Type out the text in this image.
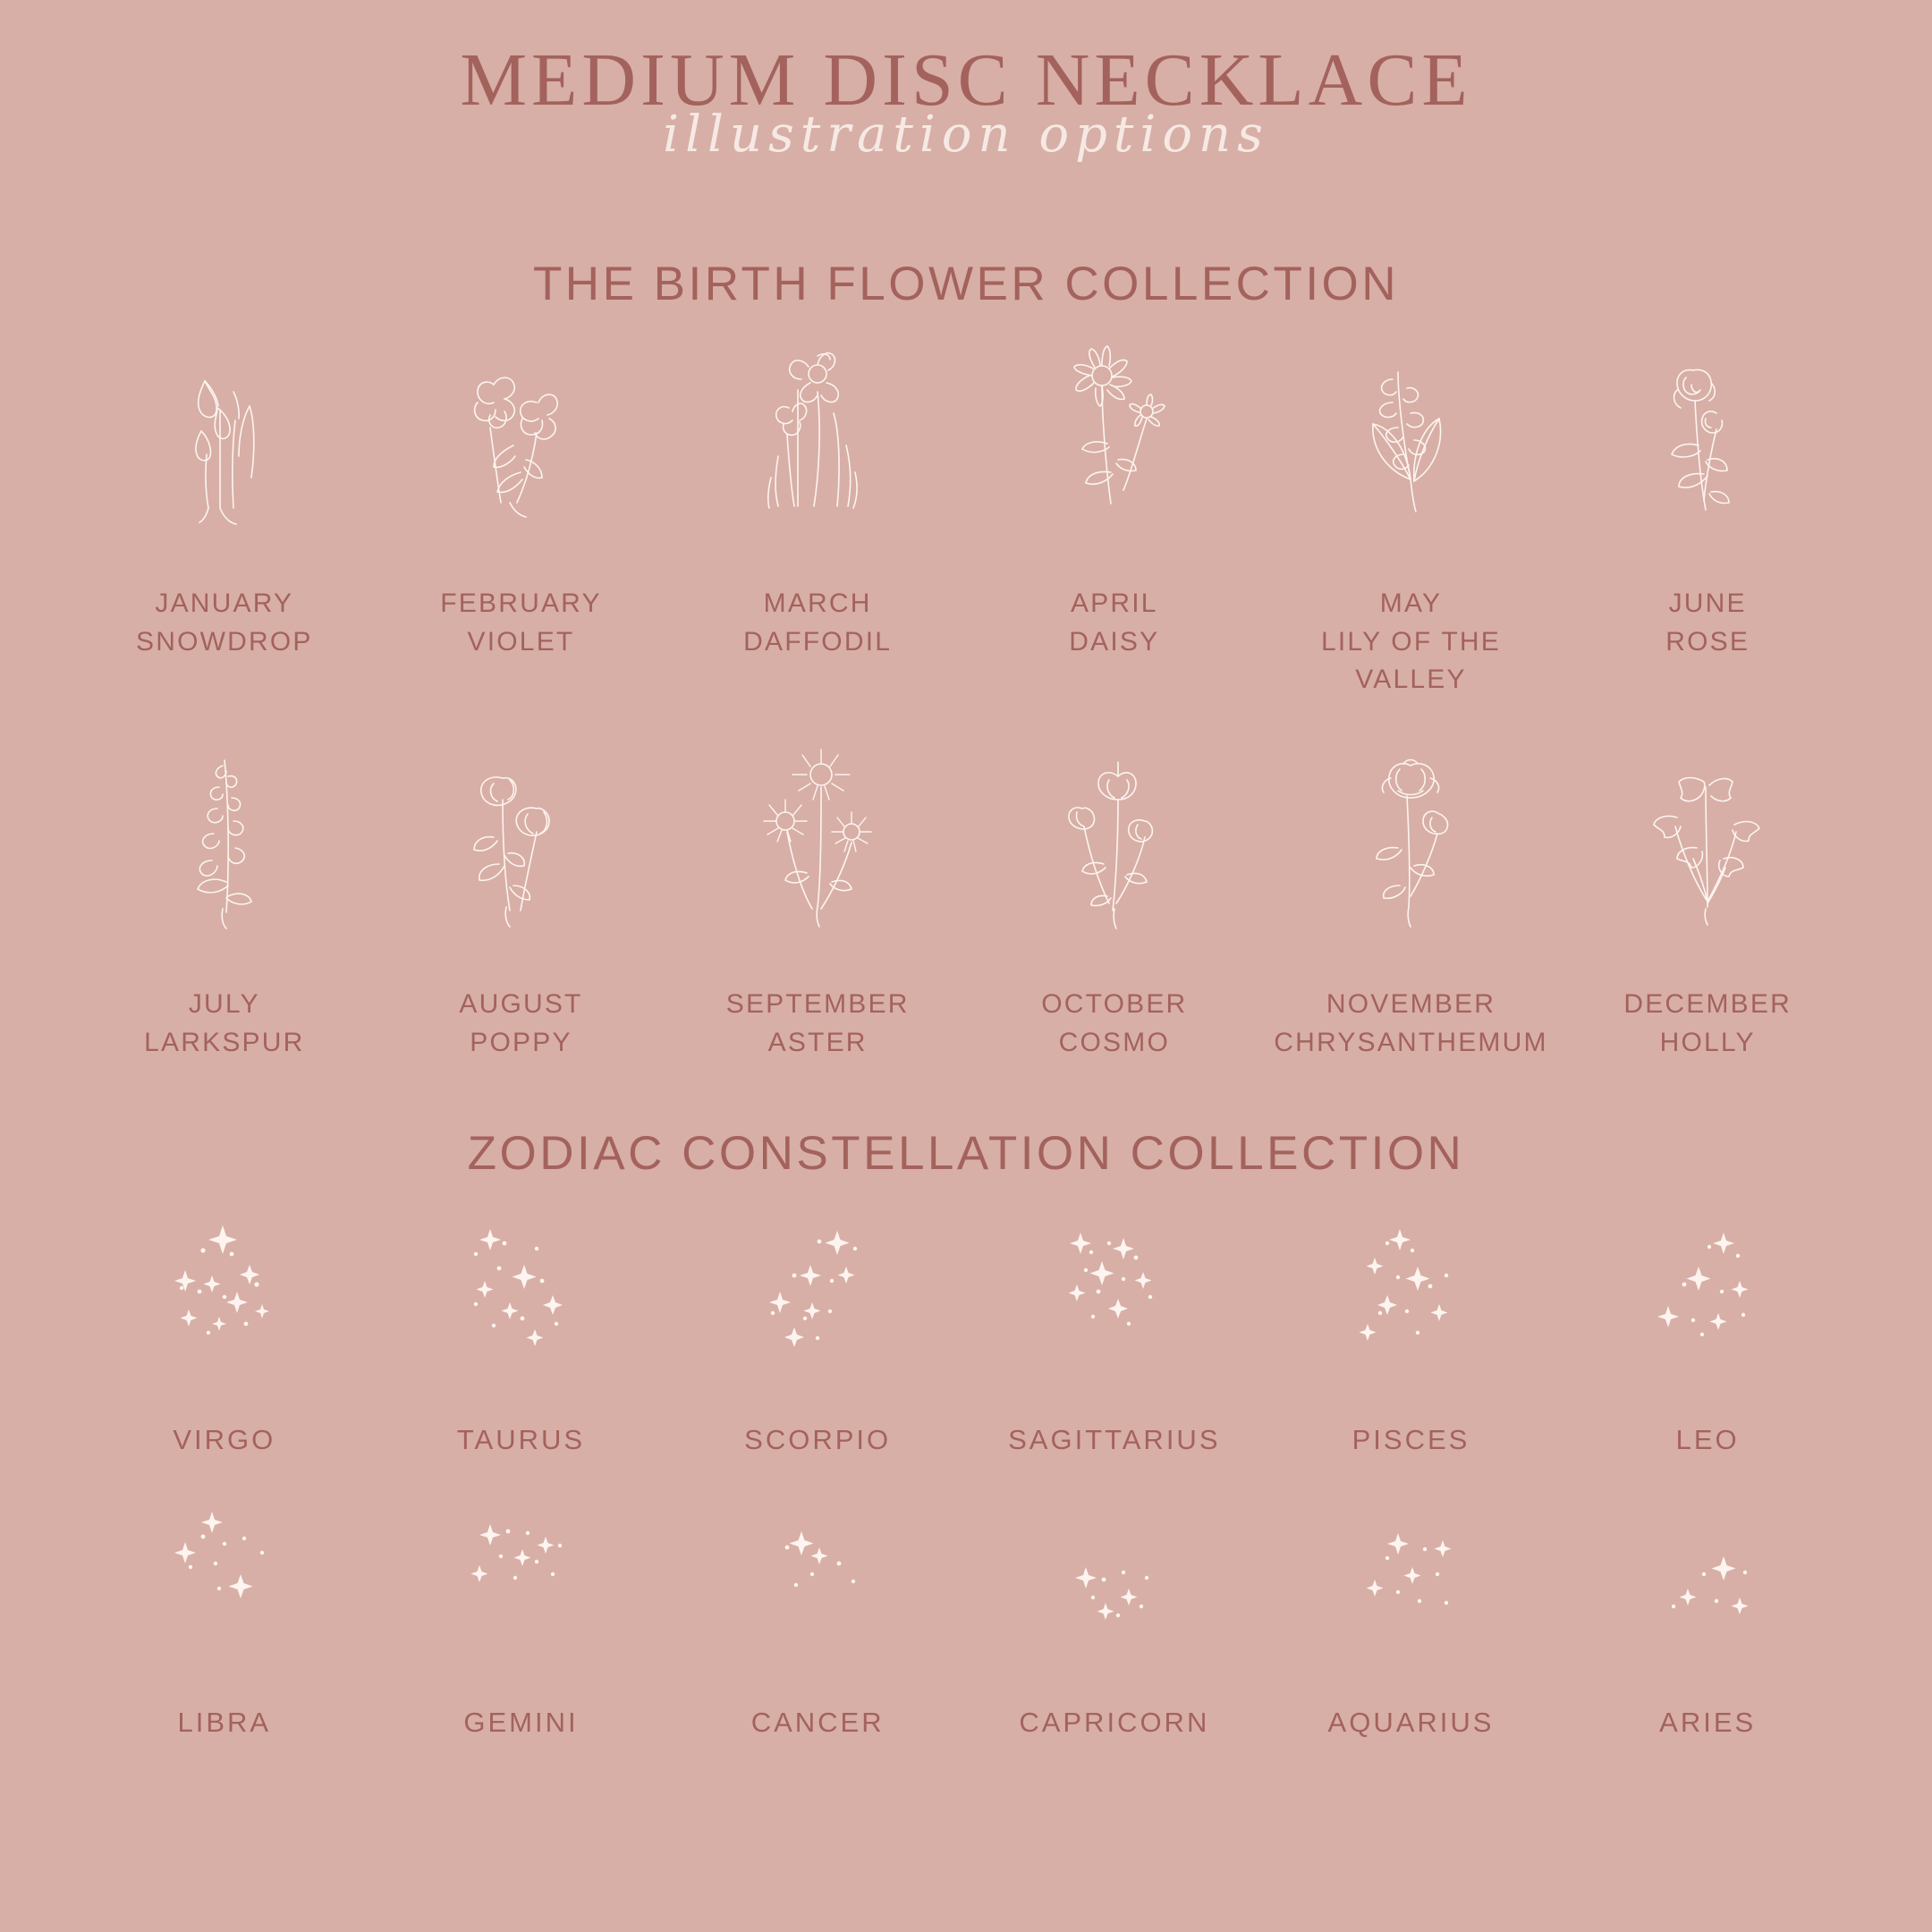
MEDIUM DISC NECKLACE
illustration options
THE BIRTH FLOWER COLLECTION
JANUARY
SNOWDROP
FEBRUARY
VIOLET
MARCH
DAFFODIL
APRIL
DAISY
MAY
LILY OF THE VALLEY
JUNE
ROSE
JULY
LARKSPUR
AUGUST
POPPY
SEPTEMBER
ASTER
OCTOBER
COSMO
NOVEMBER
CHRYSANTHEMUM
DECEMBER
HOLLY
ZODIAC CONSTELLATION COLLECTION
VIRGO	TAURUS	SCORPIO	SAGITTARIUS	PISCES	LEO
LIBRA	GEMINI	CANCER	CAPRICORN	AQUARIUS	ARIES
